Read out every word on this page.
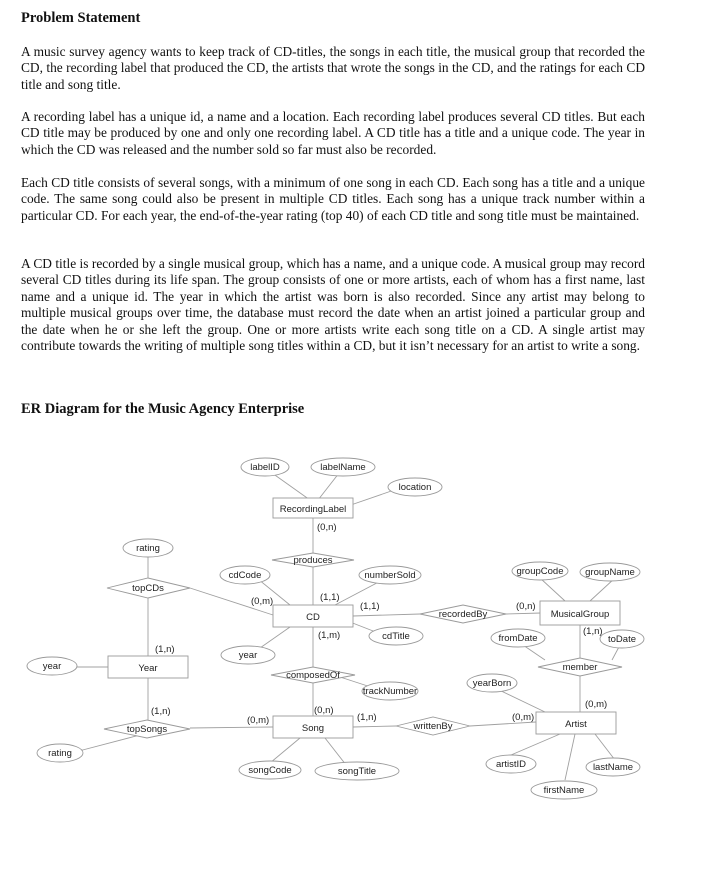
Problem Statement

A music survey agency wants to keep track of CD-titles, the songs in each title, the musical group that recorded the CD, the recording label that produced the CD, the artists that wrote the songs in the CD, and the ratings for each CD title and song title.

A recording label has a unique id, a name and a location. Each recording label produces several CD titles. But each CD title may be produced by one and only one recording label. A CD title has a title and a unique code. The year in which the CD was released and the number sold so far must also be recorded.

Each CD title consists of several songs, with a minimum of one song in each CD. Each song has a title and a unique code. The same song could also be present in multiple CD titles. Each song has a unique track number within a particular CD. For each year, the end-of-the-year rating (top 40) of each CD title and song title must be maintained.

A CD title is recorded by a single musical group, which has a name, and a unique code. A musical group may record several CD titles during its life span. The group consists of one or more artists, each of whom has a first name, last name and a unique id. The year in which the artist was born is also recorded. Since any artist may belong to multiple musical groups over time, the database must record the date when an artist joined a particular group and the date when he or she left the group. One or more artists write each song title on a CD. A single artist may contribute towards the writing of multiple song titles within a CD, but it isn’t necessary for an artist to write a song.

ER Diagram for the Music Agency Enterprise
RecordingLabel
CD
Year
Song
MusicalGroup
Artist
produces
topCDs
composedOf
recordedBy
member
topSongs	writtenBy
labelID	labelName
location
rating
cdCode	numberSold
year
cdTitle
year
rating
trackNumber
songCode	songTitle
groupCode groupName
fromDate	toDate
yearBorn
artistID
firstName
lastName
(0,n)
(1,1)
(0,m)
(1,n)
(1,1)	(0,n)
(1,m)
(0,n)
(1,n)
(0,m)
(1,n)
(0,m)	(1,n)	(0,m)
